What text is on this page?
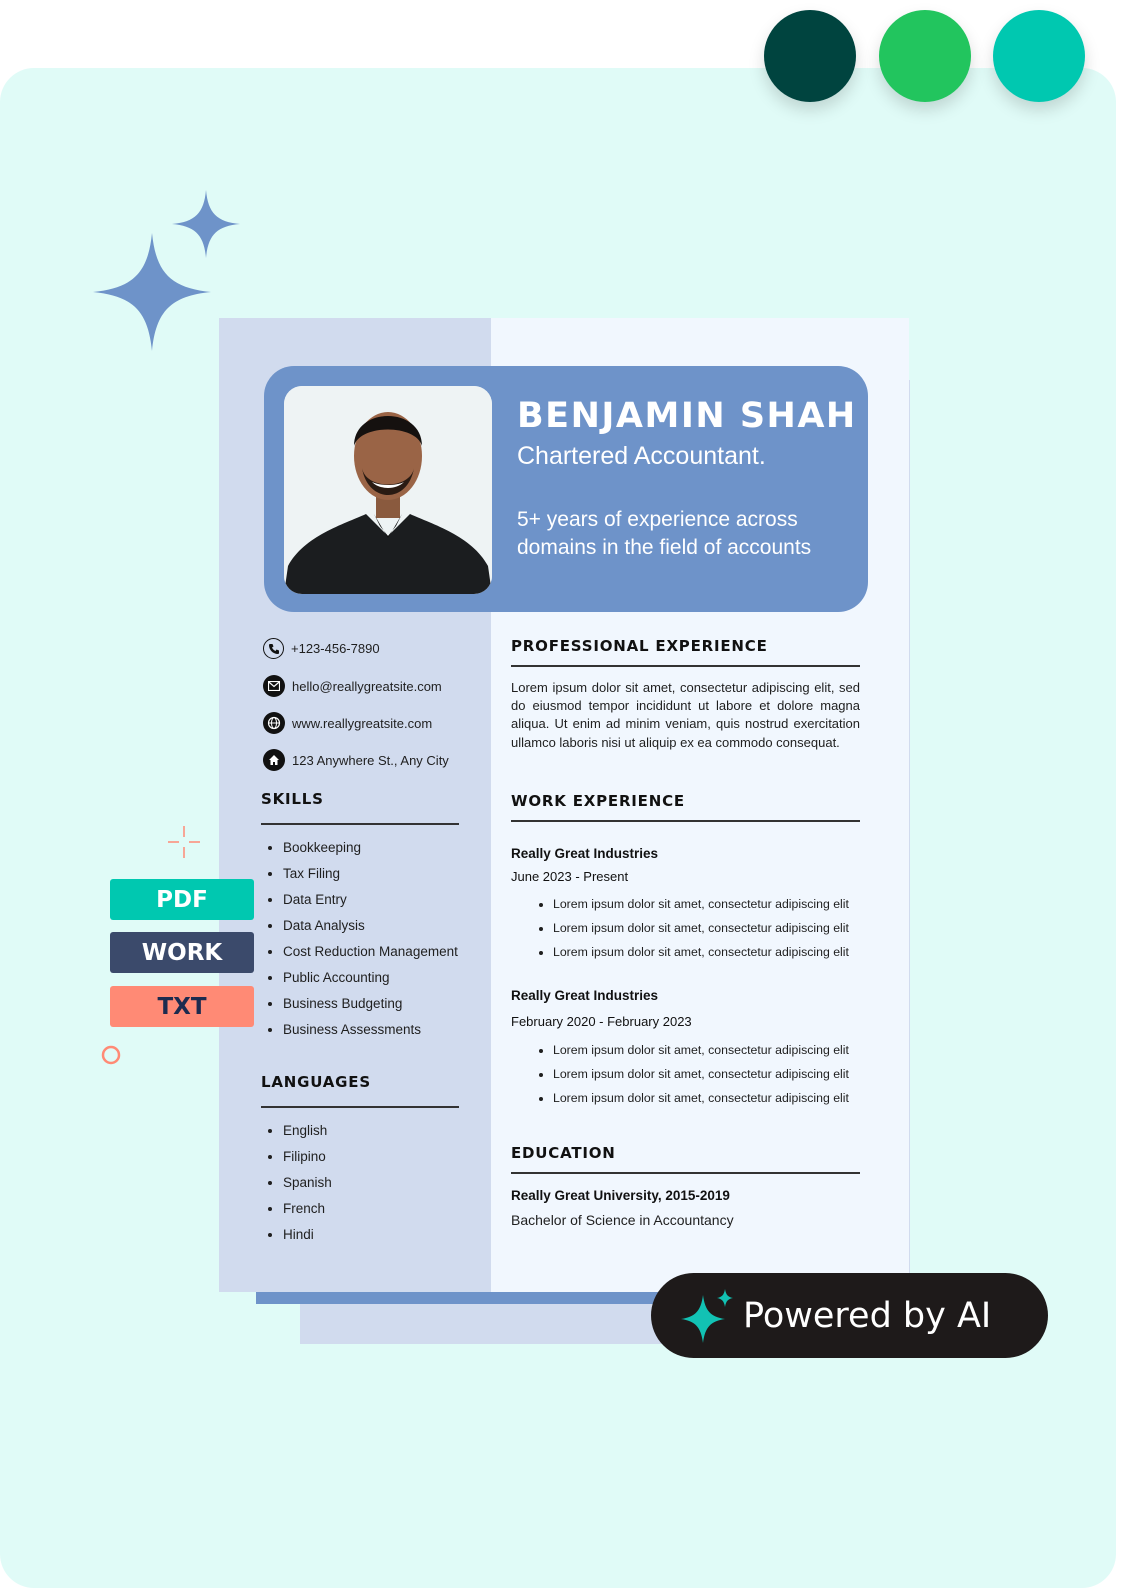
BENJAMIN SHAH
Chartered Accountant.
5+ years of experience across domains in the field of accounts
+123-456-7890
hello@reallygreatsite.com
www.reallygreatsite.com
123 Anywhere St., Any City
SKILLS
• Bookkeeping
• Tax Filing
• Data Entry
• Data Analysis
• Cost Reduction Management
• Public Accounting
• Business Budgeting
• Business Assessments
LANGUAGES
• English
• Filipino
• Spanish
• French
• Hindi
PROFESSIONAL EXPERIENCE
Lorem ipsum dolor sit amet, consectetur adipiscing elit, sed do eiusmod tempor incididunt ut labore et dolore magna aliqua. Ut enim ad minim veniam, quis nostrud exercitation ullamco laboris nisi ut aliquip ex ea commodo consequat.
WORK EXPERIENCE
Really Great Industries
June 2023 - Present
• Lorem ipsum dolor sit amet, consectetur adipiscing elit
• Lorem ipsum dolor sit amet, consectetur adipiscing elit
• Lorem ipsum dolor sit amet, consectetur adipiscing elit
Really Great Industries
February 2020 - February 2023
• Lorem ipsum dolor sit amet, consectetur adipiscing elit
• Lorem ipsum dolor sit amet, consectetur adipiscing elit
• Lorem ipsum dolor sit amet, consectetur adipiscing elit
EDUCATION
Really Great University, 2015-2019
Bachelor of Science in Accountancy
PDF
WORK
TXT
Powered by AI
